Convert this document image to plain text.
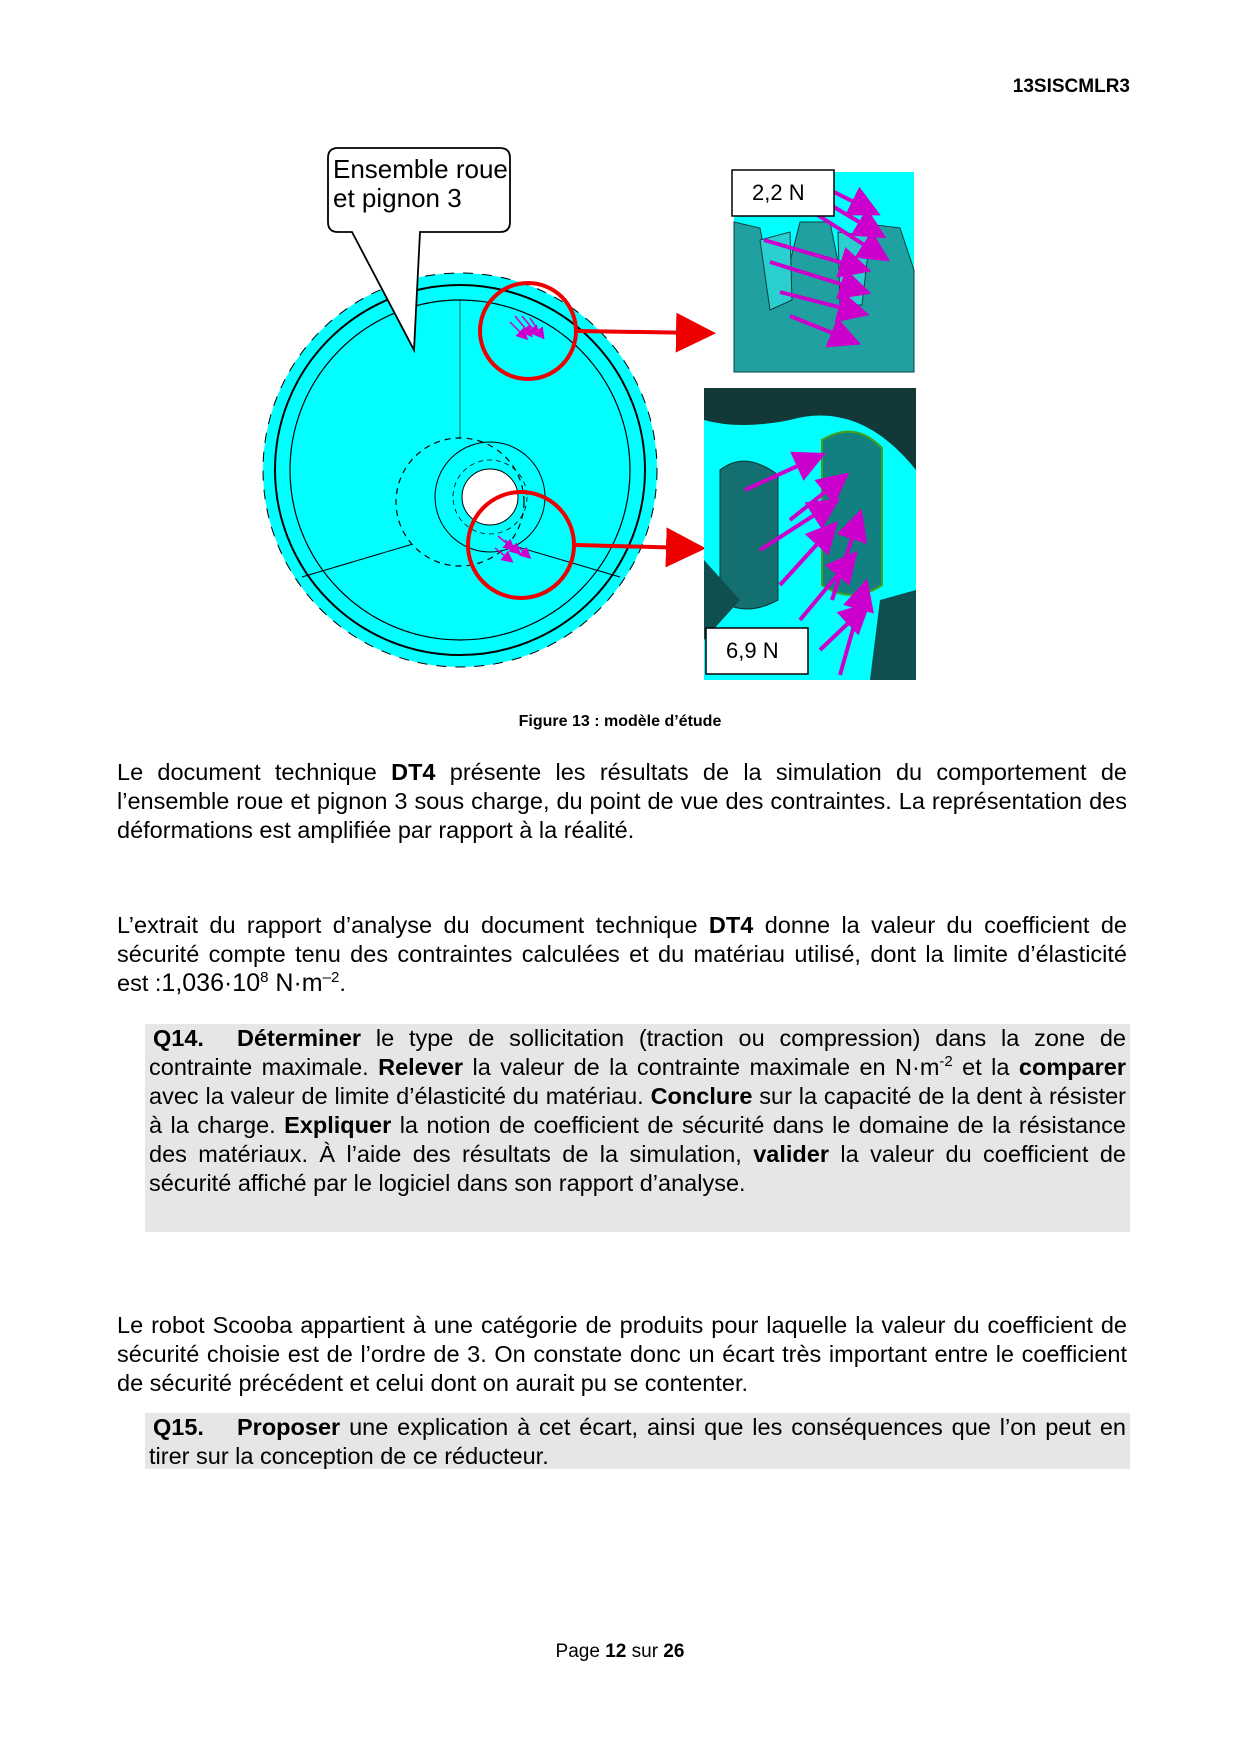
13SISCMLR3
Ensemble roue
et pignon 3	2,2 N
6,9 N
Figure 13 : modèle d’étude
Le document technique DT4 présente les résultats de la simulation du comportement de l’ensemble roue et pignon 3 sous charge, du point de vue des contraintes. La représentation des déformations est amplifiée par rapport à la réalité.
L’extrait du rapport d’analyse du document technique DT4 donne la valeur du coefficient de sécurité compte tenu des contraintes calculées et du matériau utilisé, dont la limite d’élasticité est $:1,036\cdot 10^8$ $N\cdot m^{-2}$.
Q14. Déterminer le type de sollicitation (traction ou compression) dans la zone de contrainte maximale. Relever la valeur de la contrainte maximale en $N\cdot m^{-2}$ et la comparer avec la valeur de limite d’élasticité du matériau. Conclure sur la capacité de la dent à résister à la charge. Expliquer la notion de coefficient de sécurité dans le domaine de la résistance des matériaux. À l’aide des résultats de la simulation, valider la valeur du coefficient de sécurité affiché par le logiciel dans son rapport d’analyse.
Le robot Scooba appartient à une catégorie de produits pour laquelle la valeur du coefficient de sécurité choisie est de l’ordre de 3. On constate donc un écart très important entre le coefficient de sécurité précédent et celui dont on aurait pu se contenter.
Q15. Proposer une explication à cet écart, ainsi que les conséquences que l’on peut en tirer sur la conception de ce réducteur.
Page 12 sur 26
